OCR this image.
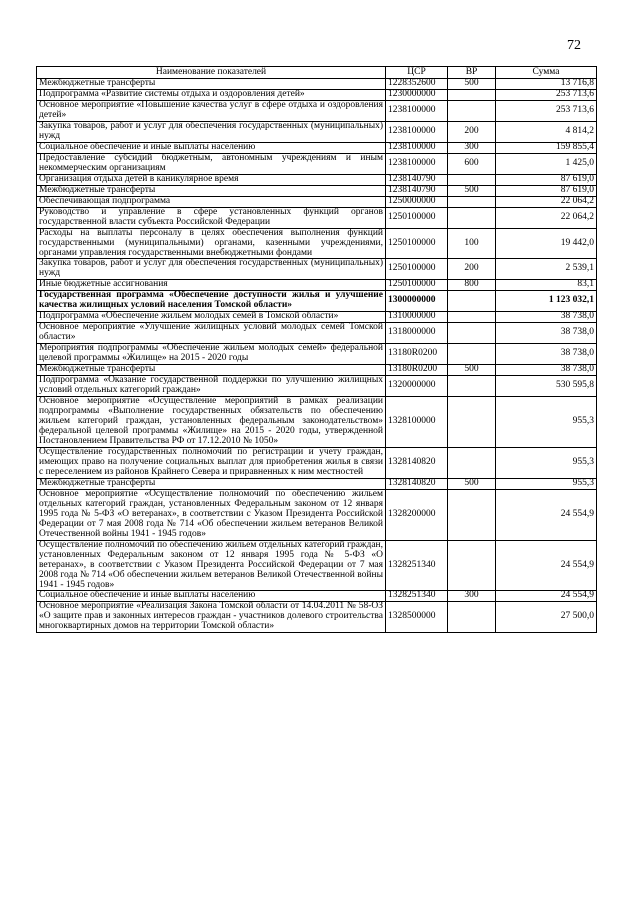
72
Наименование показателей	ЦСР	ВР	Сумма
Межбюджетные трансферты	1228352600	500	13 716,8
Подпрограмма «Развитие системы отдыха и оздоровления детей»	1230000000		253 713,6
Основное мероприятие «Повышение качества услуг в сфере отдыха и оздоровления детей»	1238100000		253 713,6
Закупка товаров, работ и услуг для обеспечения государственных (муниципальных) нужд	1238100000	200	4 814,2
Социальное обеспечение и иные выплаты населению	1238100000	300	159 855,4
Предоставление субсидий бюджетным, автономным учреждениям и иным некоммерческим организациям	1238100000	600	1 425,0
Организация отдыха детей в каникулярное время	1238140790		87 619,0
Межбюджетные трансферты	1238140790	500	87 619,0
Обеспечивающая подпрограмма	1250000000		22 064,2
Руководство и управление в сфере установленных функций органов государственной власти субъекта Российской Федерации	1250100000		22 064,2
Расходы на выплаты персоналу в целях обеспечения выполнения функций государственными (муниципальными) органами, казенными учреждениями, органами управления государственными внебюджетными фондами	1250100000	100	19 442,0
Закупка товаров, работ и услуг для обеспечения государственных (муниципальных) нужд	1250100000	200	2 539,1
Иные бюджетные ассигнования	1250100000	800	83,1
Государственная программа «Обеспечение доступности жилья и улучшение качества жилищных условий населения Томской области»	1300000000		1 123 032,1
Подпрограмма «Обеспечение жильем молодых семей в Томской области»	1310000000		38 738,0
Основное мероприятие «Улучшение жилищных условий молодых семей Томской области»	1318000000		38 738,0
Мероприятия подпрограммы «Обеспечение жильем молодых семей» федеральной целевой программы «Жилище» на 2015 - 2020 годы	13180R0200		38 738,0
Межбюджетные трансферты	13180R0200	500	38 738,0
Подпрограмма «Оказание государственной поддержки по улучшению жилищных условий отдельных категорий граждан»	1320000000		530 595,8
Основное мероприятие «Осуществление мероприятий в рамках реализации подпрограммы «Выполнение государственных обязательств по обеспечению жильем категорий граждан, установленных федеральным законодательством» федеральной целевой программы «Жилище» на 2015 - 2020 годы, утвержденной Постановлением Правительства РФ от 17.12.2010 № 1050»	1328100000		955,3
Осуществление государственных полномочий по регистрации и учету граждан, имеющих право на получение социальных выплат для приобретения жилья в связи с переселением из районов Крайнего Севера и приравненных к ним местностей	1328140820		955,3
Межбюджетные трансферты	1328140820	500	955,3
Основное мероприятие «Осуществление полномочий по обеспечению жильем отдельных категорий граждан, установленных Федеральным законом от 12 января 1995 года № 5-ФЗ «О ветеранах», в соответствии с Указом Президента Российской Федерации от 7 мая 2008 года № 714 «Об обеспечении жильем ветеранов Великой Отечественной войны 1941 - 1945 годов»	1328200000		24 554,9
Осуществление полномочий по обеспечению жильем отдельных категорий граждан, установленных Федеральным законом от 12 января 1995 года № 5-ФЗ «О ветеранах», в соответствии с Указом Президента Российской Федерации от 7 мая 2008 года № 714 «Об обеспечении жильем ветеранов Великой Отечественной войны 1941 - 1945 годов»	1328251340		24 554,9
Социальное обеспечение и иные выплаты населению	1328251340	300	24 554,9
Основное мероприятие «Реализация Закона Томской области от 14.04.2011 № 58-ОЗ «О защите прав и законных интересов граждан - участников долевого строительства многоквартирных домов на территории Томской области»	1328500000		27 500,0
